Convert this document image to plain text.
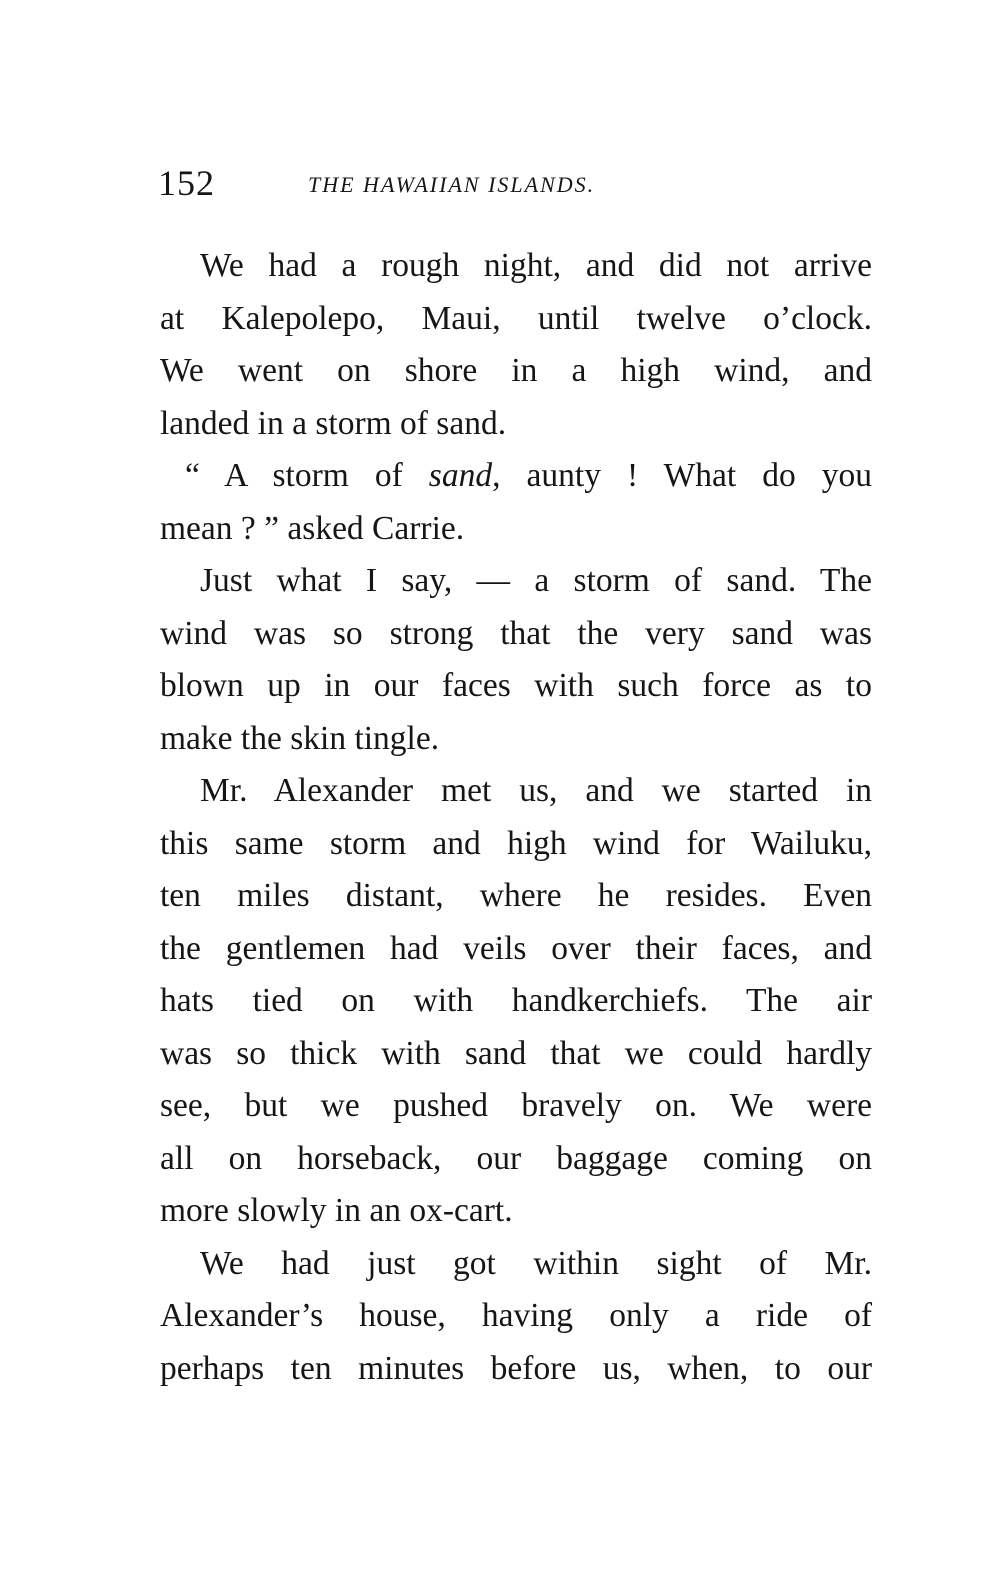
152	THE HAWAIIAN ISLANDS.
We had a rough night, and did not arrive
at Kalepolepo, Maui, until twelve o’clock.
We went on shore in a high wind, and
landed in a storm of sand.
“ A storm of sand, aunty ! What do you
mean ? ” asked Carrie.
Just what I say, — a storm of sand. The
wind was so strong that the very sand was
blown up in our faces with such force as to
make the skin tingle.
Mr. Alexander met us, and we started in
this same storm and high wind for Wailuku,
ten miles distant, where he resides. Even
the gentlemen had veils over their faces, and
hats tied on with handkerchiefs. The air
was so thick with sand that we could hardly
see, but we pushed bravely on. We were
all on horseback, our baggage coming on
more slowly in an ox-cart.
We had just got within sight of Mr.
Alexander’s house, having only a ride of
perhaps ten minutes before us, when, to our
